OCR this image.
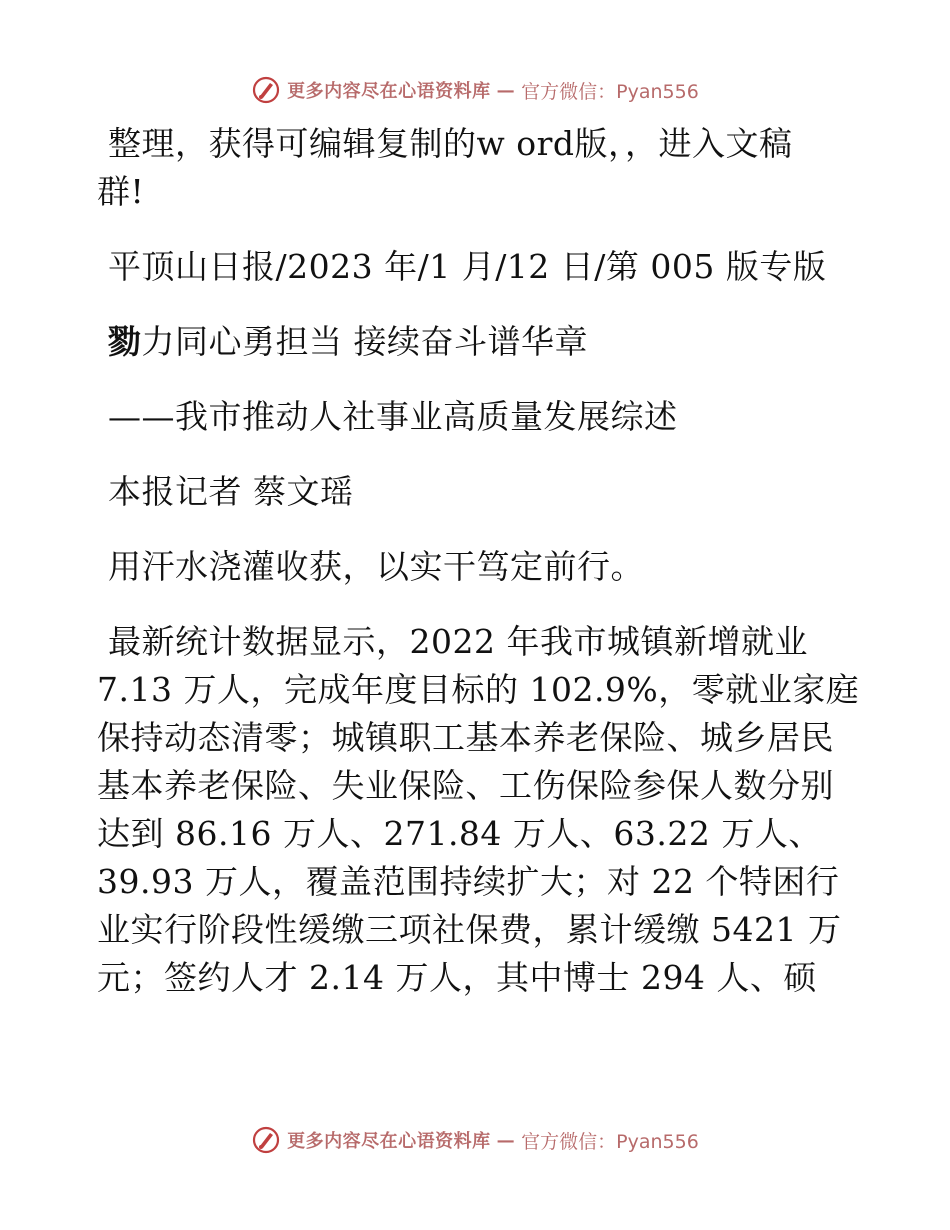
更多内容尽在心语资料库 — 官方微信：Pyan556
整理，获得可编辑复制的w ord版，，进入文稿
群!
平顶山日报/2023 年/1 月/12 日/第 005 版专版
勠力同心勇担当 接续奋斗谱华章
——我市推动人社事业高质量发展综述
本报记者 蔡文瑶
用汗水浇灌收获，以实干笃定前行。
最新统计数据显示，2022 年我市城镇新增就业
7.13 万人，完成年度目标的 102.9%，零就业家庭
保持动态清零；城镇职工基本养老保险、城乡居民
基本养老保险、失业保险、工伤保险参保人数分别
达到 86.16 万人、271.84 万人、63.22 万人、
39.93 万人，覆盖范围持续扩大；对 22 个特困行
业实行阶段性缓缴三项社保费，累计缓缴 5421 万
元；签约人才 2.14 万人，其中博士 294 人、硕
更多内容尽在心语资料库 — 官方微信：Pyan556
